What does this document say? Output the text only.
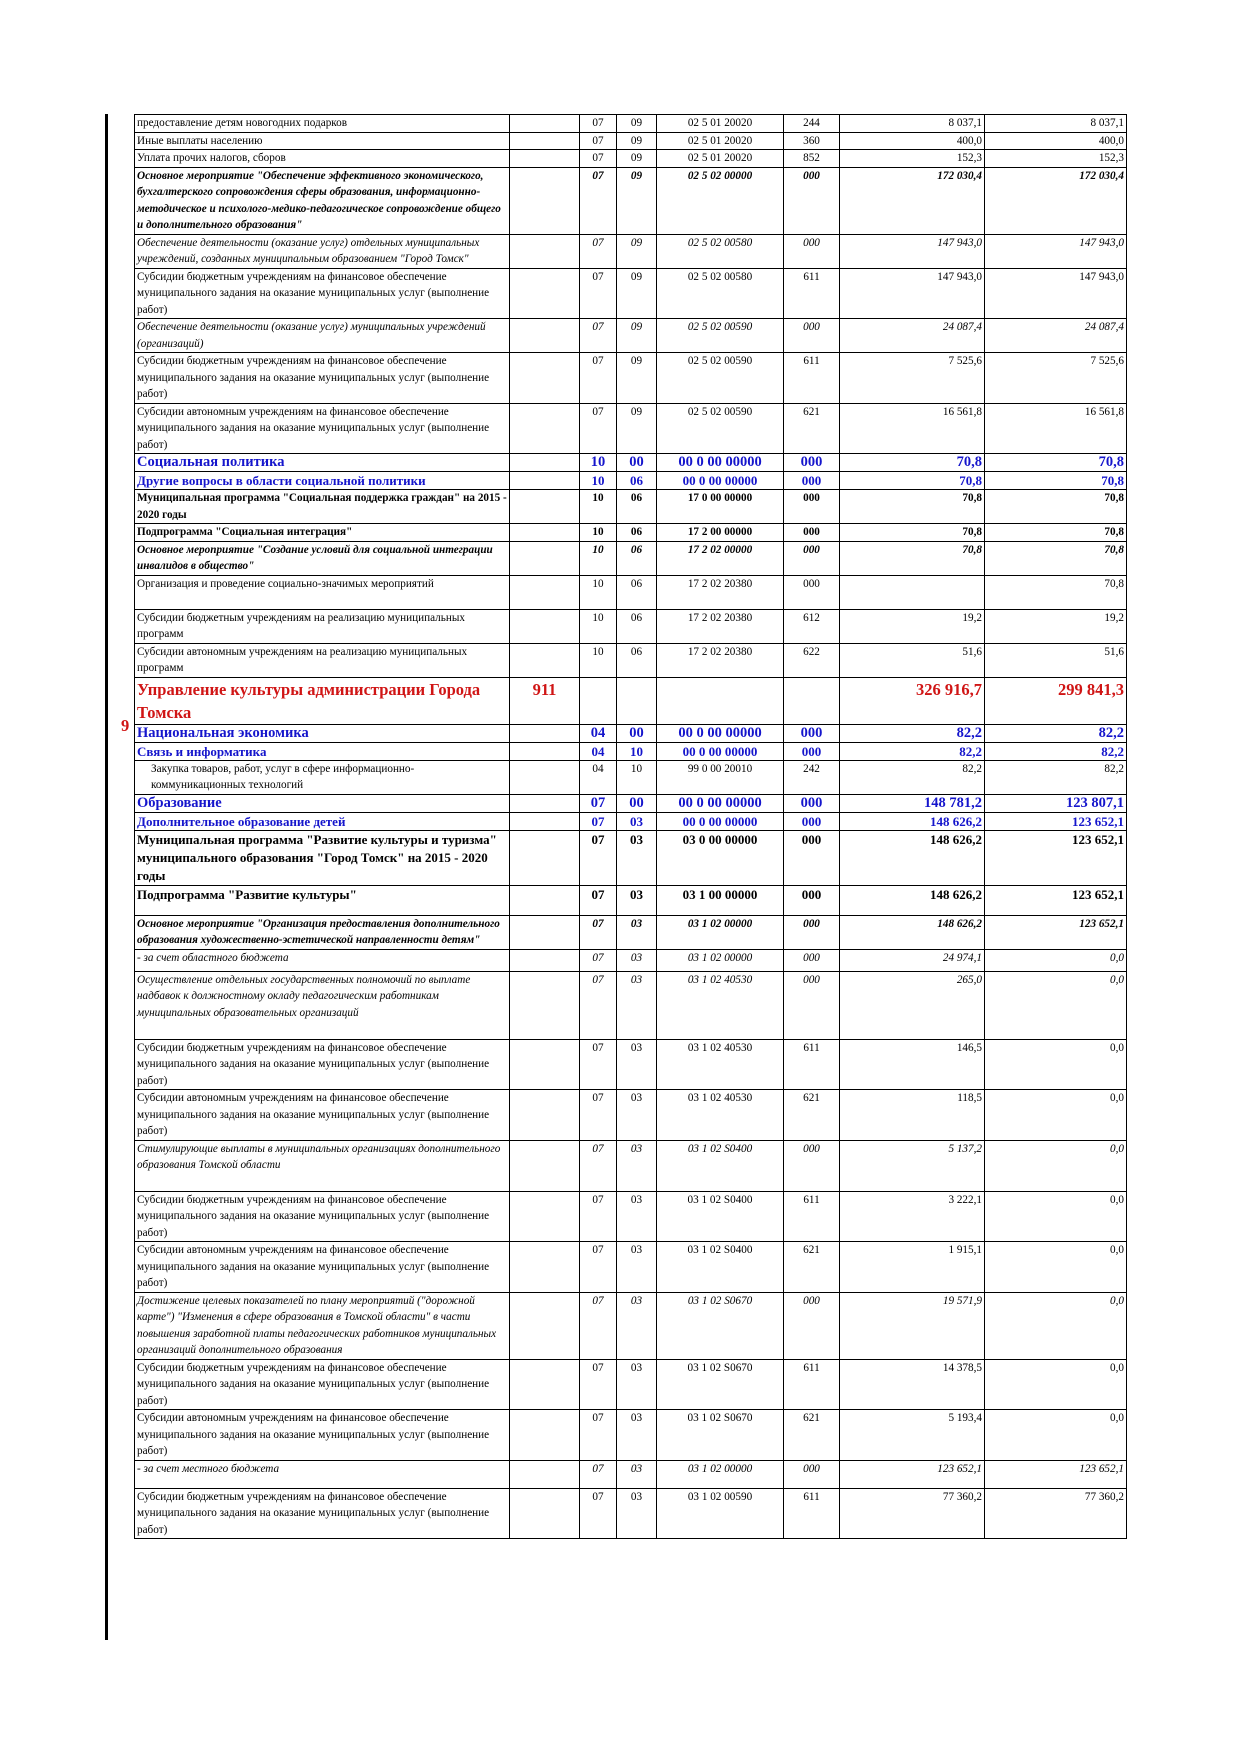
9
предоставление детям новогодних подарков		07	09	02 5 01 20020	244	8 037,1	8 037,1
Иные выплаты населению		07	09	02 5 01 20020	360	400,0	400,0
Уплата прочих налогов, сборов		07	09	02 5 01 20020	852	152,3	152,3
Основное мероприятие "Обеспечение эффективного экономического, бухгалтерского сопровождения сферы образования, информационно-методическое и психолого-медико-педагогическое сопровождение общего и дополнительного образования"		07	09	02 5 02 00000	000	172 030,4	172 030,4
Обеспечение деятельности (оказание услуг) отдельных муниципальных учреждений, созданных муниципальным образованием "Город Томск"		07	09	02 5 02 00580	000	147 943,0	147 943,0
Субсидии бюджетным учреждениям на финансовое обеспечение муниципального задания на оказание муниципальных услуг (выполнение работ)		07	09	02 5 02 00580	611	147 943,0	147 943,0
Обеспечение деятельности (оказание услуг) муниципальных учреждений (организаций)		07	09	02 5 02 00590	000	24 087,4	24 087,4
Субсидии бюджетным учреждениям на финансовое обеспечение муниципального задания на оказание муниципальных услуг (выполнение работ)		07	09	02 5 02 00590	611	7 525,6	7 525,6
Субсидии автономным учреждениям на финансовое обеспечение муниципального задания на оказание муниципальных услуг (выполнение работ)		07	09	02 5 02 00590	621	16 561,8	16 561,8
Социальная политика		10	00	00 0 00 00000	000	70,8	70,8
Другие вопросы в области социальной политики		10	06	00 0 00 00000	000	70,8	70,8
Муниципальная программа "Социальная поддержка граждан" на 2015 - 2020 годы		10	06	17 0 00 00000	000	70,8	70,8
Подпрограмма "Социальная интеграция"		10	06	17 2 00 00000	000	70,8	70,8
Основное мероприятие "Создание условий для социальной интеграции инвалидов в общество"		10	06	17 2 02 00000	000	70,8	70,8
Организация и проведение социально-значимых мероприятий		10	06	17 2 02 20380	000		70,8
Субсидии бюджетным учреждениям на реализацию муниципальных программ		10	06	17 2 02 20380	612	19,2	19,2
Субсидии автономным учреждениям на реализацию муниципальных программ		10	06	17 2 02 20380	622	51,6	51,6
Управление культуры администрации Города Томска	911					326 916,7	299 841,3
Национальная экономика		04	00	00 0 00 00000	000	82,2	82,2
Связь и информатика		04	10	00 0 00 00000	000	82,2	82,2
Закупка товаров, работ, услуг в сфере информационно-коммуникационных технологий		04	10	99 0 00 20010	242	82,2	82,2
Образование		07	00	00 0 00 00000	000	148 781,2	123 807,1
Дополнительное образование детей		07	03	00 0 00 00000	000	148 626,2	123 652,1
Муниципальная программа "Развитие культуры и туризма" муниципального образования "Город Томск" на 2015 - 2020 годы		07	03	03 0 00 00000	000	148 626,2	123 652,1
Подпрограмма "Развитие культуры"		07	03	03 1 00 00000	000	148 626,2	123 652,1
Основное мероприятие "Организация предоставления дополнительного образования художественно-эстетической направленности детям"		07	03	03 1 02 00000	000	148 626,2	123 652,1
- за счет областного бюджета		07	03	03 1 02 00000	000	24 974,1	0,0
Осуществление отдельных государственных полномочий по выплате надбавок к должностному окладу педагогическим работникам муниципальных образовательных организаций		07	03	03 1 02 40530	000	265,0	0,0
Субсидии бюджетным учреждениям на финансовое обеспечение муниципального задания на оказание муниципальных услуг (выполнение работ)		07	03	03 1 02 40530	611	146,5	0,0
Субсидии автономным учреждениям на финансовое обеспечение муниципального задания на оказание муниципальных услуг (выполнение работ)		07	03	03 1 02 40530	621	118,5	0,0
Стимулирующие выплаты в муниципальных организациях дополнительного образования Томской области		07	03	03 1 02 S0400	000	5 137,2	0,0
Субсидии бюджетным учреждениям на финансовое обеспечение муниципального задания на оказание муниципальных услуг (выполнение работ)		07	03	03 1 02 S0400	611	3 222,1	0,0
Субсидии автономным учреждениям на финансовое обеспечение муниципального задания на оказание муниципальных услуг (выполнение работ)		07	03	03 1 02 S0400	621	1 915,1	0,0
Достижение целевых показателей по плану мероприятий ("дорожной карте") "Изменения в сфере образования в Томской области" в части повышения заработной платы педагогических работников муниципальных организаций дополнительного образования		07	03	03 1 02 S0670	000	19 571,9	0,0
Субсидии бюджетным учреждениям на финансовое обеспечение муниципального задания на оказание муниципальных услуг (выполнение работ)		07	03	03 1 02 S0670	611	14 378,5	0,0
Субсидии автономным учреждениям на финансовое обеспечение муниципального задания на оказание муниципальных услуг (выполнение работ)		07	03	03 1 02 S0670	621	5 193,4	0,0
- за счет местного бюджета		07	03	03 1 02 00000	000	123 652,1	123 652,1
Субсидии бюджетным учреждениям на финансовое обеспечение муниципального задания на оказание муниципальных услуг (выполнение работ)		07	03	03 1 02 00590	611	77 360,2	77 360,2
